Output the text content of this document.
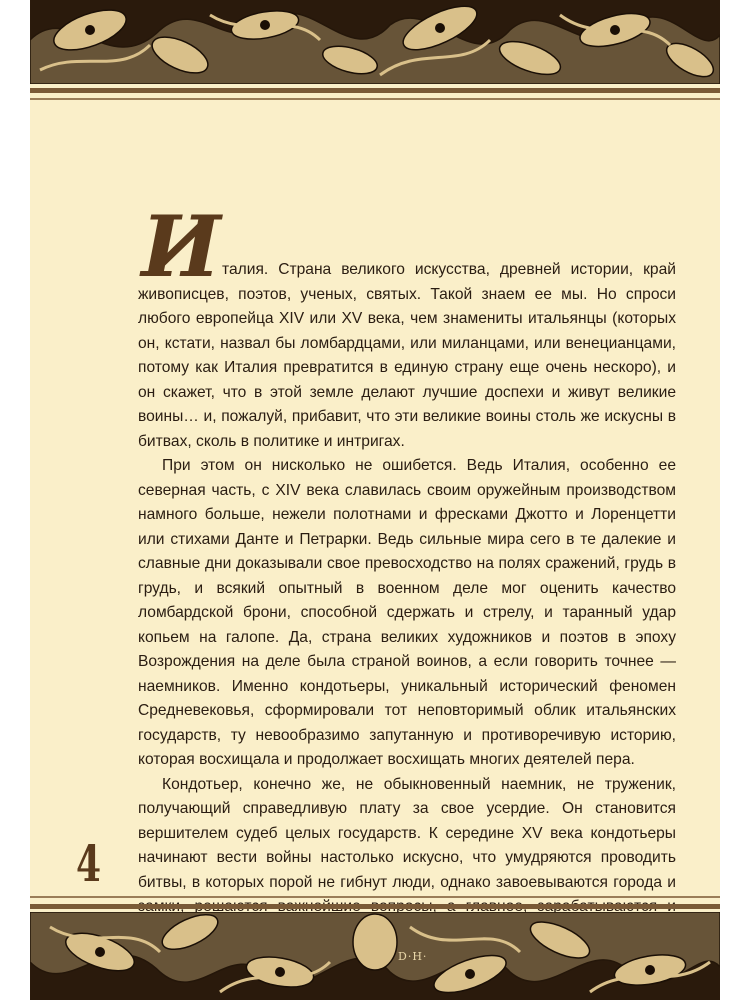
И талия. Страна великого искусства, древней истории, край живописцев, поэтов, ученых, святых. Такой знаем ее мы. Но спроси любого европейца XIV или XV века, чем знамениты итальянцы (которых он, кстати, назвал бы ломбардцами, или миланцами, или венецианцами, потому как Италия превратится в единую страну еще очень нескоро), и он скажет, что в этой земле делают лучшие доспехи и живут великие воины… и, пожалуй, прибавит, что эти великие воины столь же искусны в битвах, сколь в политике и интригах.

При этом он нисколько не ошибется. Ведь Италия, особенно ее северная часть, с XIV века славилась своим оружейным производством намного больше, нежели полотнами и фресками Джотто и Лоренцетти или стихами Данте и Петрарки. Ведь сильные мира сего в те далекие и славные дни доказывали свое превосходство на полях сражений, грудь в грудь, и всякий опытный в военном деле мог оценить качество ломбардской брони, способной сдержать и стрелу, и таранный удар копьем на галопе. Да, страна великих художников и поэтов в эпоху Возрождения на деле была страной воинов, а если говорить точнее — наемников. Именно кондотьеры, уникальный исторический феномен Средневековья, сформировали тот неповторимый облик итальянских государств, ту невообразимо запутанную и противоречивую историю, которая восхищала и продолжает восхищать многих деятелей пера.

Кондотьер, конечно же, не обыкновенный наемник, не труженик, получающий справедливую плату за свое усердие. Он становится вершителем судеб целых государств. К середине XV века кондотьеры начинают вести войны настолько искусно, что умудряются проводить битвы, в которых порой не гибнут люди, однако завоевываются города и

4
D·H·
